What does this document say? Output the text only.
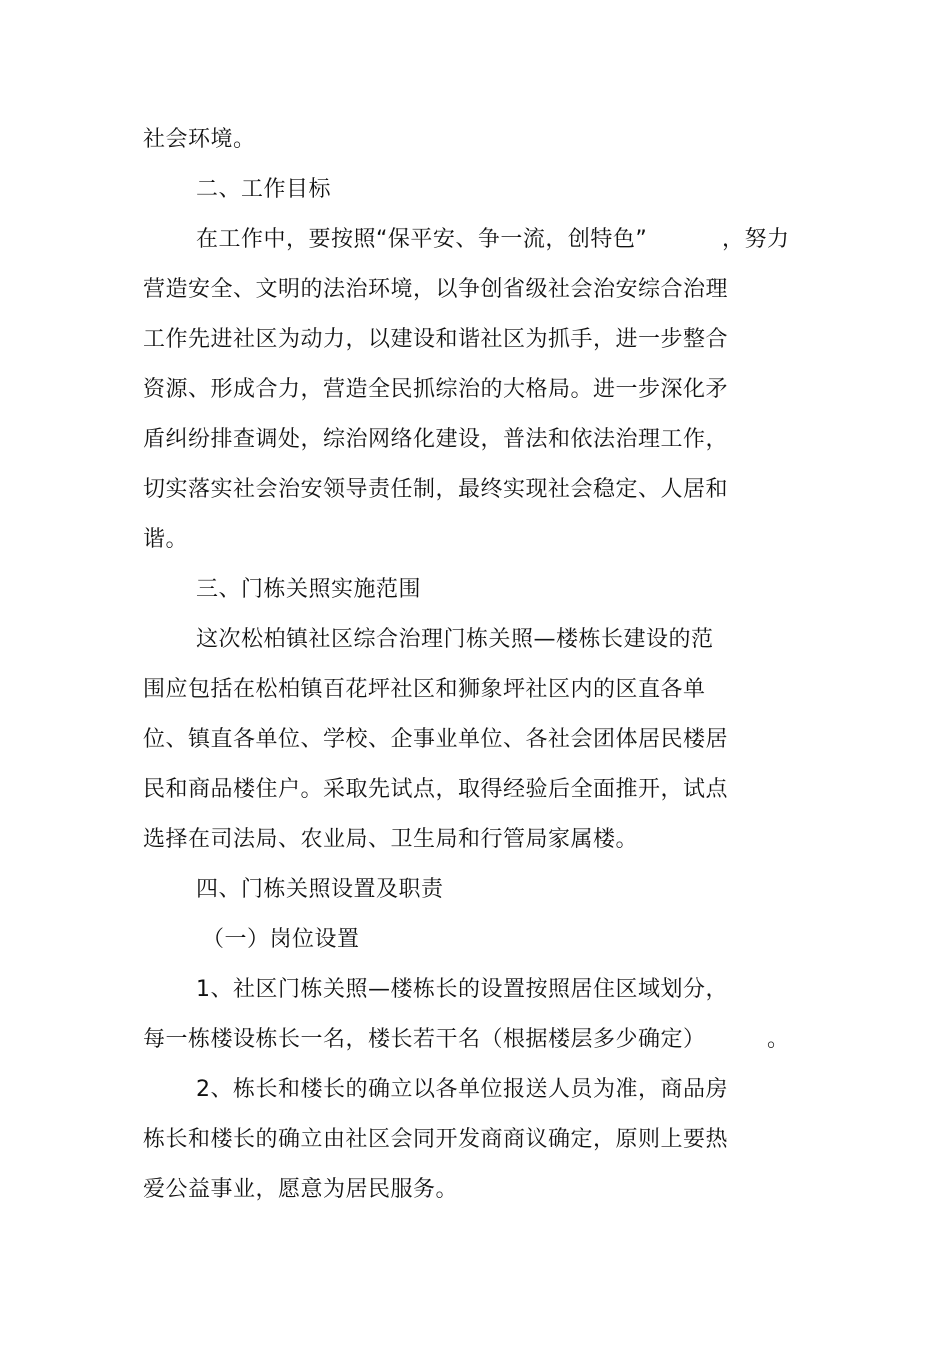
社会环境。
二、工作目标
在工作中，要按照“保平安、争一流，创特色”	，努力
营造安全、文明的法治环境，以争创省级社会治安综合治理
工作先进社区为动力，以建设和谐社区为抓手，进一步整合
资源、形成合力，营造全民抓综治的大格局。进一步深化矛
盾纠纷排查调处，综治网络化建设，普法和依法治理工作，
切实落实社会治安领导责任制，最终实现社会稳定、人居和
谐。
三、门栋关照实施范围
这次松柏镇社区综合治理门栋关照—楼栋长建设的范
围应包括在松柏镇百花坪社区和狮象坪社区内的区直各单
位、镇直各单位、学校、企事业单位、各社会团体居民楼居
民和商品楼住户。采取先试点，取得经验后全面推开，试点
选择在司法局、农业局、卫生局和行管局家属楼。
四、门栋关照设置及职责
（一）岗位设置
1、社区门栋关照—楼栋长的设置按照居住区域划分，
每一栋楼设栋长一名，楼长若干名（根据楼层多少确定）	。
2、栋长和楼长的确立以各单位报送人员为准，商品房
栋长和楼长的确立由社区会同开发商商议确定，原则上要热
爱公益事业，愿意为居民服务。
